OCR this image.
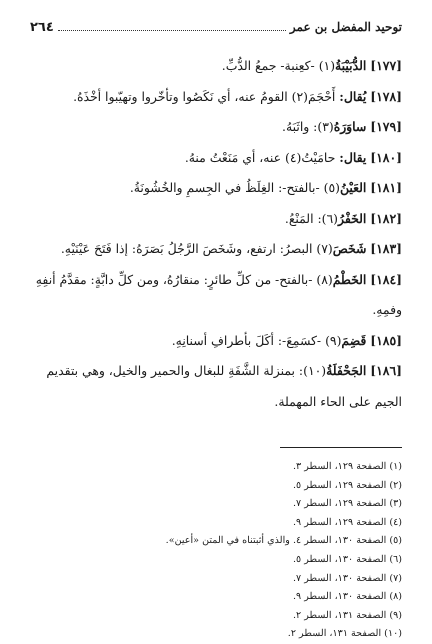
توحيد المفضل بن عمر
٢٦٤
[١٧٧] الدُّبَيْبَةُ(١) -كعِنبة- جمعُ الدُّبِّ.
[١٧٨] يُقال: أَحْجَمَ(٢) القومُ عنه، أي نَكَصُوا وتأخّروا وتهيّبوا أخْذَهُ.
[١٧٩] ساوَرَهُ(٣): واثَبَهُ.
[١٨٠] يقال: حامَيْتُ(٤) عنه، أي مَنَعْتُ منهُ.
[١٨١] العَيْنُ(٥) -بالفتح-: الغِلَظُ في الجِسمِ والخُشُونَةُ.
[١٨٢] الخَفْرُ(٦): المَنْعُ.
[١٨٣] شَخَصَ(٧) البصرُ: ارتفع، وشَخَصَ الرَّجُلُ بَصَرَهُ: إذا فَتَحَ عَيْنَيْهِ.
[١٨٤] الخَطْمُ(٨) -بالفتح- من كلِّ طائرٍ: منقارُهُ، ومن كلِّ دابَّةٍ: مقدَّمُ أنفِهِ
وفمِهِ.
[١٨٥] قَضِمَ(٩) -كسَمِعَ-: أكَلَ بأطرافِ أسنانِهِ.
[١٨٦] الجَحْفَلَةُ(١٠): بمنزلة الشَّفَةِ للبغال والحمير والخيل، وهي بتقديم
الجيم على الحاء المهملة.
(١) الصفحة ١٢٩، السطر ٣.
(٢) الصفحة ١٢٩، السطر ٥.
(٣) الصفحة ١٢٩، السطر ٧.
(٤) الصفحة ١٢٩، السطر ٩.
(٥) الصفحة ١٣٠، السطر ٤. والذي أثبتناه في المتن «أعين».
(٦) الصفحة ١٣٠، السطر ٥.
(٧) الصفحة ١٣٠، السطر ٧.
(٨) الصفحة ١٣٠، السطر ٩.
(٩) الصفحة ١٣١، السطر ٢.
(١٠) الصفحة ١٣١، السطر ٢.
